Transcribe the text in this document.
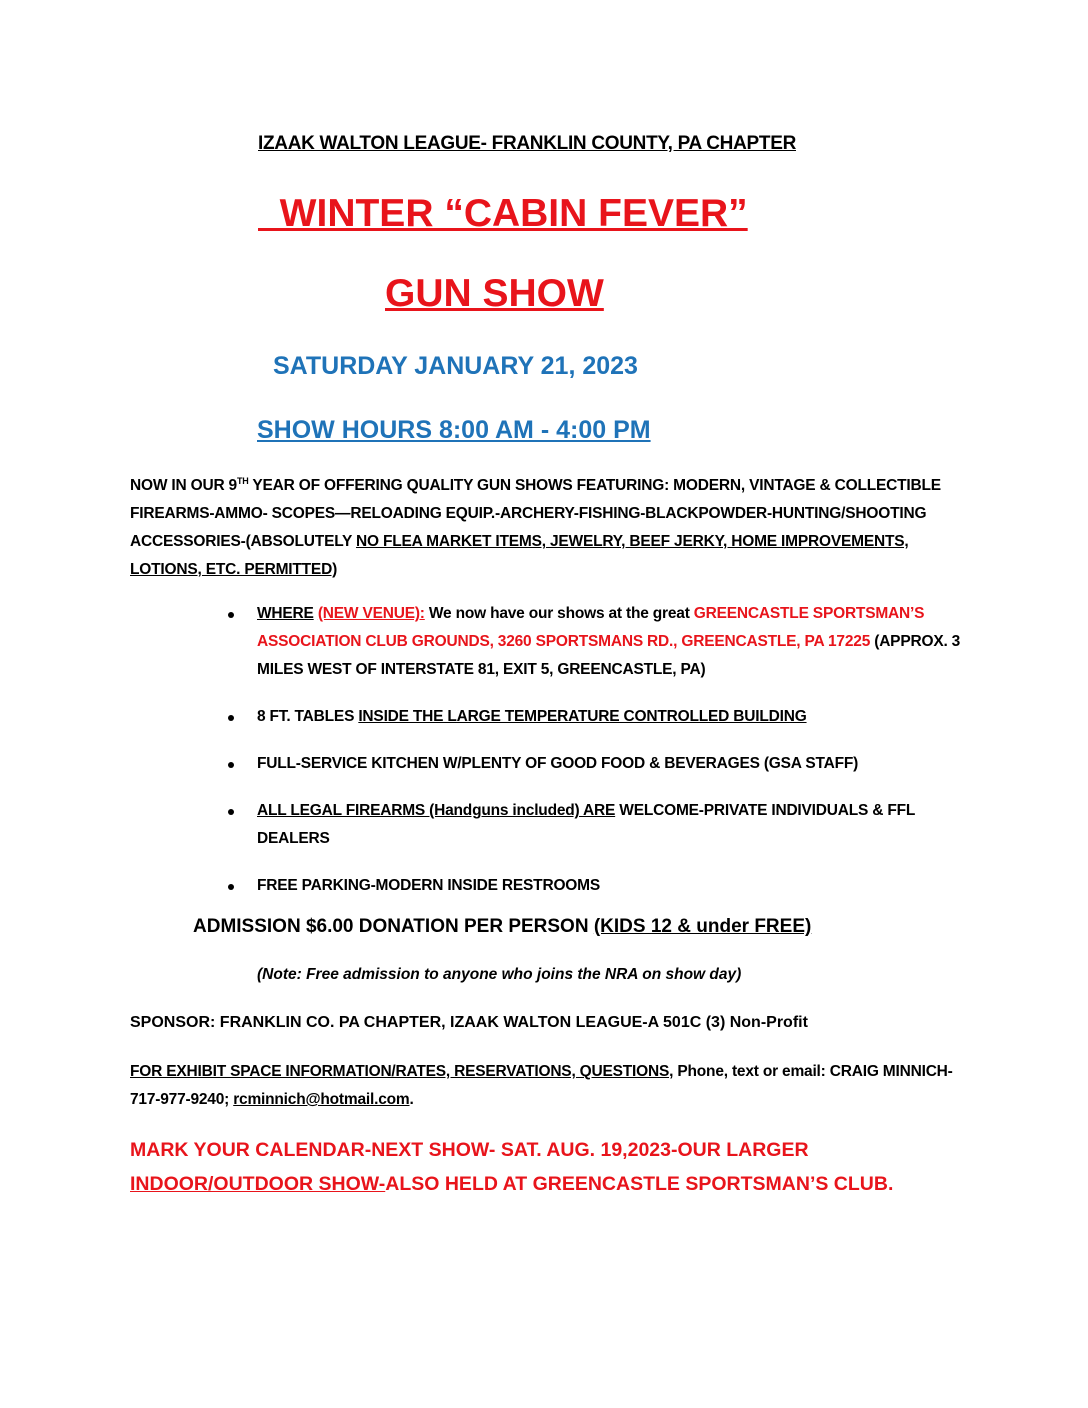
IZAAK WALTON LEAGUE- FRANKLIN COUNTY, PA CHAPTER
WINTER “CABIN FEVER”
GUN SHOW
SATURDAY JANUARY 21, 2023
SHOW HOURS 8:00 AM - 4:00 PM
NOW IN OUR 9TH YEAR OF OFFERING QUALITY GUN SHOWS FEATURING: MODERN, VINTAGE & COLLECTIBLE FIREARMS-AMMO- SCOPES—RELOADING EQUIP.-ARCHERY-FISHING-BLACKPOWDER-HUNTING/SHOOTING ACCESSORIES-(ABSOLUTELY NO FLEA MARKET ITEMS, JEWELRY, BEEF JERKY, HOME IMPROVEMENTS, LOTIONS, ETC. PERMITTED)
WHERE (NEW VENUE): We now have our shows at the great GREENCASTLE SPORTSMAN’S ASSOCIATION CLUB GROUNDS, 3260 SPORTSMANS RD., GREENCASTLE, PA 17225 (APPROX. 3 MILES WEST OF INTERSTATE 81, EXIT 5, GREENCASTLE, PA)
8 FT. TABLES INSIDE THE LARGE TEMPERATURE CONTROLLED BUILDING
FULL-SERVICE KITCHEN W/PLENTY OF GOOD FOOD & BEVERAGES (GSA STAFF)
ALL LEGAL FIREARMS (Handguns included) ARE WELCOME-PRIVATE INDIVIDUALS & FFL DEALERS
FREE PARKING-MODERN INSIDE RESTROOMS
ADMISSION $6.00 DONATION PER PERSON (KIDS 12 & under FREE)
(Note: Free admission to anyone who joins the NRA on show day)
SPONSOR: FRANKLIN CO. PA CHAPTER, IZAAK WALTON LEAGUE-A 501C (3) Non-Profit
FOR EXHIBIT SPACE INFORMATION/RATES, RESERVATIONS, QUESTIONS, Phone, text or email: CRAIG MINNICH-717-977-9240; rcminnich@hotmail.com.
MARK YOUR CALENDAR-NEXT SHOW- SAT. AUG. 19,2023-OUR LARGER INDOOR/OUTDOOR SHOW-ALSO HELD AT GREENCASTLE SPORTSMAN’S CLUB.
